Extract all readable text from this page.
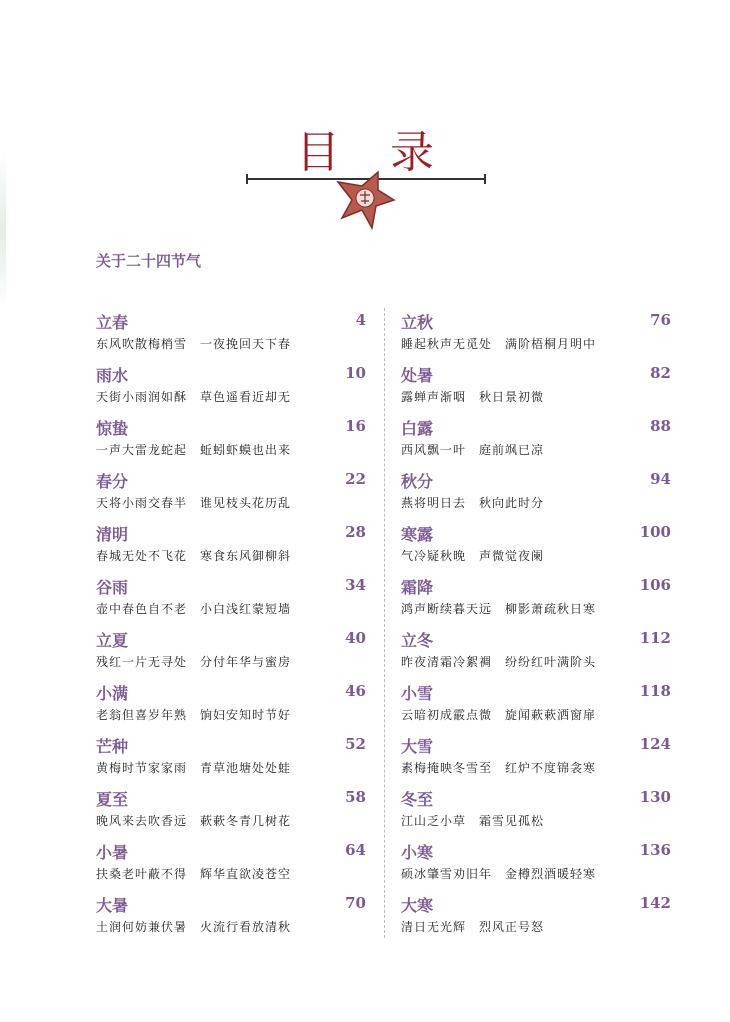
目 录
关于二十四节气
立春	4
东风吹散梅梢雪　一夜挽回天下春
雨水	10
天街小雨润如酥　草色遥看近却无
惊蛰	16
一声大雷龙蛇起　蚯蚓虾蟆也出来
春分	22
天将小雨交春半　谁见枝头花历乱
清明	28
春城无处不飞花　寒食东风御柳斜
谷雨	34
壶中春色自不老　小白浅红蒙短墙
立夏	40
残红一片无寻处　分付年华与蜜房
小满	46
老翁但喜岁年熟　饷妇安知时节好
芒种	52
黄梅时节家家雨　青草池塘处处蛙
夏至	58
晚风来去吹香远　蔌蔌冬青几树花
小暑	64
扶桑老叶蔽不得　辉华直欲凌苍空
大暑	70
土润何妨兼伏暑　火流行看放清秋
立秋	76
睡起秋声无觅处　满阶梧桐月明中
处暑	82
露蝉声渐咽　秋日景初微
白露	88
西风飘一叶　庭前飒已凉
秋分	94
燕将明日去　秋向此时分
寒露	100
气冷疑秋晚　声微觉夜阑
霜降	106
鸿声断续暮天远　柳影萧疏秋日寒
立冬	112
昨夜清霜冷絮裯　纷纷红叶满阶头
小雪	118
云暗初成霰点微　旋闻蔌蔌洒窗扉
大雪	124
素梅掩映冬雪至　红炉不度锦衾寒
冬至	130
江山乏小草　霜雪见孤松
小寒	136
硕冰肇雪劝旧年　金樽烈酒暖轻寒
大寒	142
清日无光辉　烈风正号怒
